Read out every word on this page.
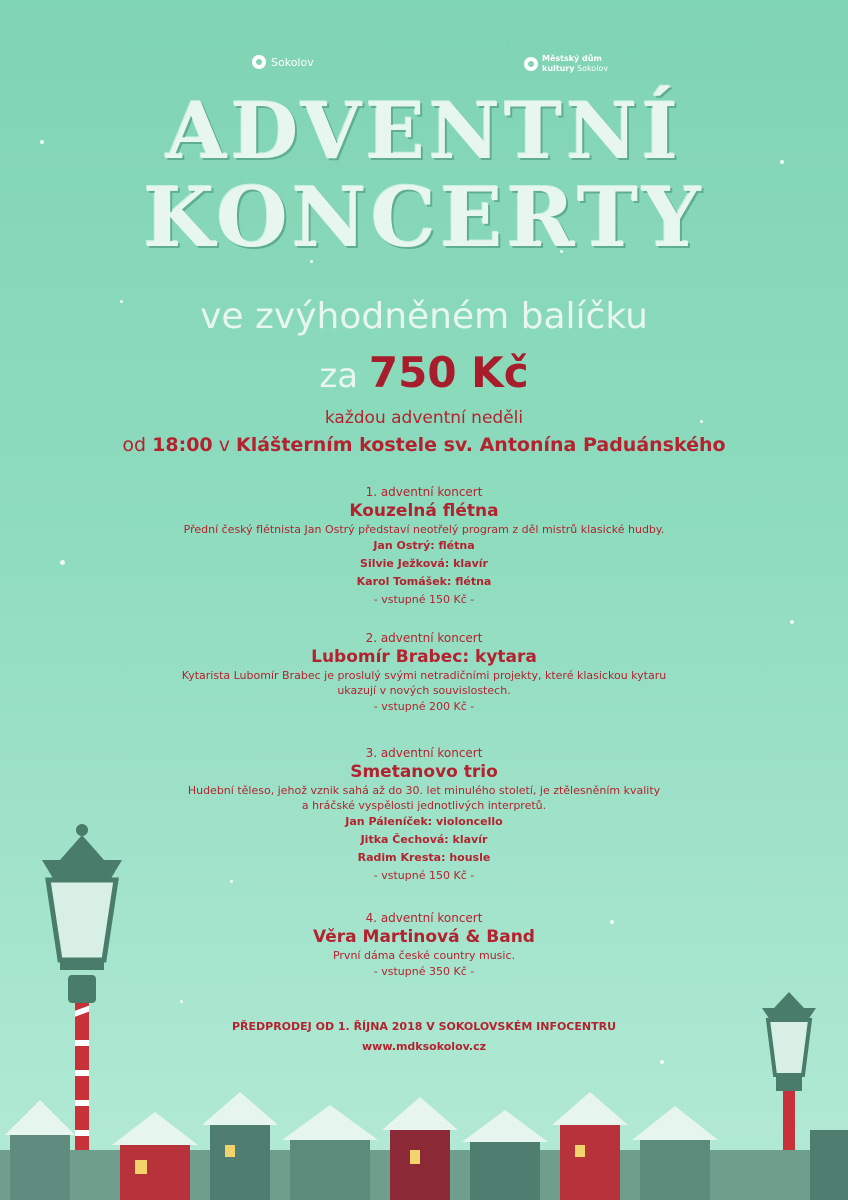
Sokolov	Městský dům
kultury Sokolov
ADVENTNÍ
KONCERTY
ve zvýhodněném balíčku
za 750 Kč
každou adventní neděli
od 18:00 v Klášterním kostele sv. Antonína Paduánského
1. adventní koncert
Kouzelná flétna
Přední český flétnista Jan Ostrý představí neotřelý program z děl mistrů klasické hudby.
Jan Ostrý: flétna
Silvie Ježková: klavír
Karol Tomášek: flétna
- vstupné 150 Kč -
2. adventní koncert
Lubomír Brabec: kytara
Kytarista Lubomír Brabec je proslulý svými netradičními projekty, které klasickou kytaru
ukazují v nových souvislostech.
- vstupné 200 Kč -
3. adventní koncert
Smetanovo trio
Hudební těleso, jehož vznik sahá až do 30. let minulého století, je ztělesněním kvality
a hráčské vyspělosti jednotlivých interpretů.
Jan Páleníček: violoncello
Jitka Čechová: klavír
Radim Kresta: housle
- vstupné 150 Kč -
4. adventní koncert
Věra Martinová & Band
První dáma české country music.
- vstupné 350 Kč -
PŘEDPRODEJ OD 1. ŘÍJNA 2018 V SOKOLOVSKÉM INFOCENTRU
www.mdksokolov.cz
